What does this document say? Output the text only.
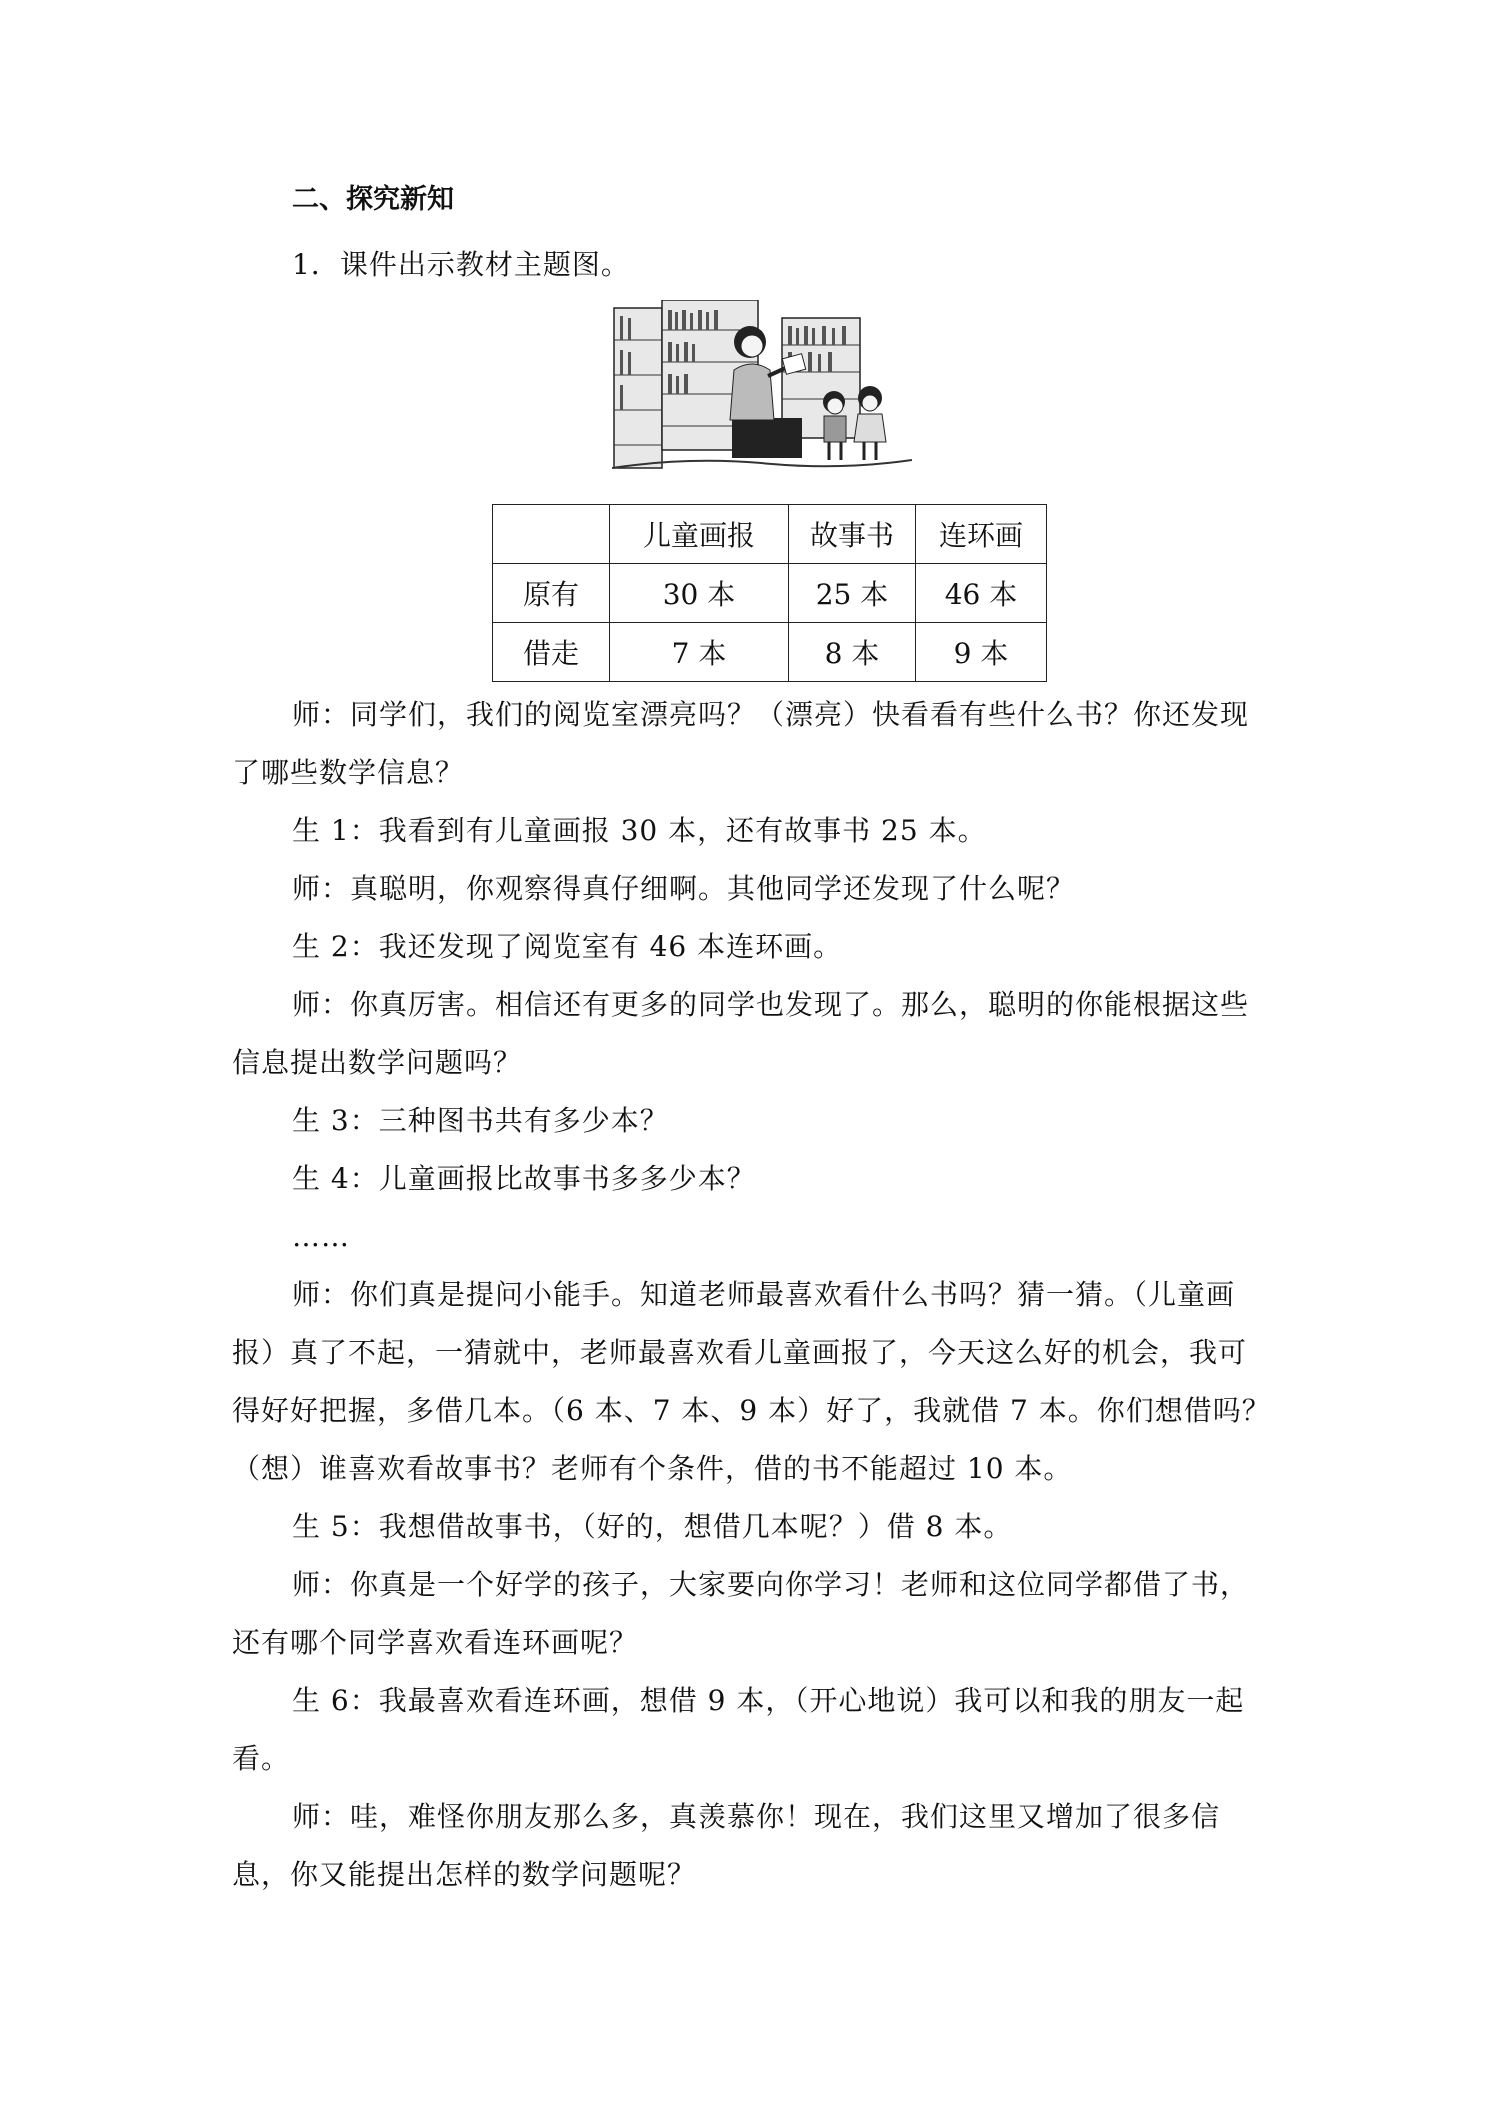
二、探究新知

1．课件出示教材主题图。

	儿童画报	故事书	连环画
原有	30 本	25 本	46 本
借走	7 本	8 本	9 本

师：同学们，我们的阅览室漂亮吗？（漂亮）快看看有些什么书？你还发现了哪些数学信息？

生 1：我看到有儿童画报 30 本，还有故事书 25 本。

师：真聪明，你观察得真仔细啊。其他同学还发现了什么呢？

生 2：我还发现了阅览室有 46 本连环画。

师：你真厉害。相信还有更多的同学也发现了。那么，聪明的你能根据这些信息提出数学问题吗？

生 3：三种图书共有多少本？

生 4：儿童画报比故事书多多少本？

……

师：你们真是提问小能手。知道老师最喜欢看什么书吗？猜一猜。（儿童画报）真了不起，一猜就中，老师最喜欢看儿童画报了，今天这么好的机会，我可得好好把握，多借几本。（6 本、7 本、9 本）好了，我就借 7 本。你们想借吗？（想）谁喜欢看故事书？老师有个条件，借的书不能超过 10 本。

生 5：我想借故事书，（好的，想借几本呢？）借 8 本。

师：你真是一个好学的孩子，大家要向你学习！老师和这位同学都借了书，还有哪个同学喜欢看连环画呢？

生 6：我最喜欢看连环画，想借 9 本，（开心地说）我可以和我的朋友一起看。

师：哇，难怪你朋友那么多，真羡慕你！现在，我们这里又增加了很多信息，你又能提出怎样的数学问题呢？
